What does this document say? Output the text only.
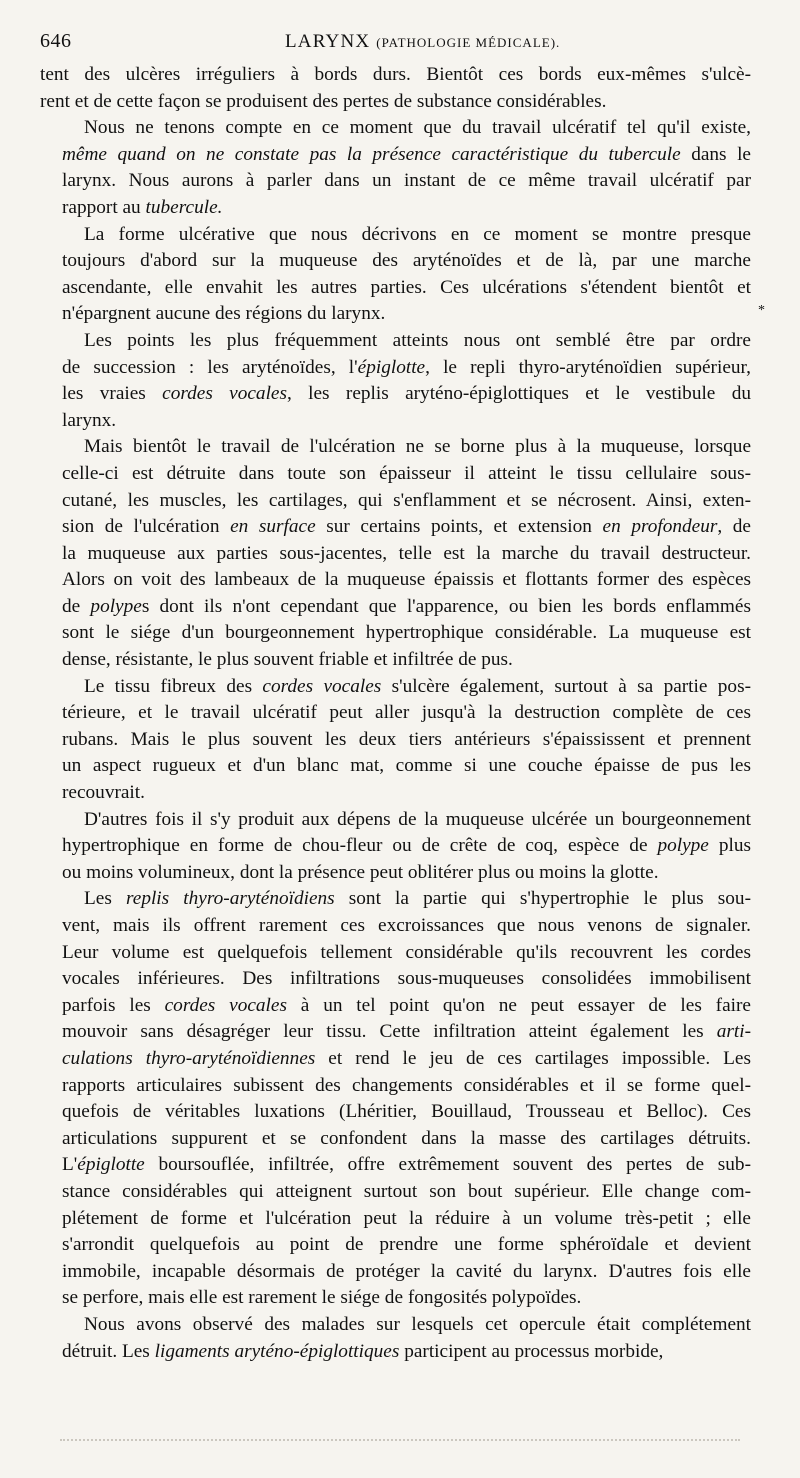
646	LARYNX (PATHOLOGIE MÉDICALE).
*

tent des ulcères irréguliers à bords durs. Bientôt ces bords eux-mêmes s'ulcè-
rent et de cette façon se produisent des pertes de substance considérables.

Nous ne tenons compte en ce moment que du travail ulcératif tel qu'il existe,
même quand on ne constate pas la présence caractéristique du tubercule dans le
larynx. Nous aurons à parler dans un instant de ce même travail ulcératif par
rapport au tubercule.

La forme ulcérative que nous décrivons en ce moment se montre presque
toujours d'abord sur la muqueuse des aryténoïdes et de là, par une marche
ascendante, elle envahit les autres parties. Ces ulcérations s'étendent bientôt et
n'épargnent aucune des régions du larynx.

Les points les plus fréquemment atteints nous ont semblé être par ordre
de succession : les aryténoïdes, l'épiglotte, le repli thyro-aryténoïdien supérieur,
les vraies cordes vocales, les replis aryténo-épiglottiques et le vestibule du
larynx.

Mais bientôt le travail de l'ulcération ne se borne plus à la muqueuse, lorsque
celle-ci est détruite dans toute son épaisseur il atteint le tissu cellulaire sous-
cutané, les muscles, les cartilages, qui s'enflamment et se nécrosent. Ainsi, exten-
sion de l'ulcération en surface sur certains points, et extension en profondeur, de
la muqueuse aux parties sous-jacentes, telle est la marche du travail destructeur.
Alors on voit des lambeaux de la muqueuse épaissis et flottants former des espèces
de polypes dont ils n'ont cependant que l'apparence, ou bien les bords enflammés
sont le siége d'un bourgeonnement hypertrophique considérable. La muqueuse est
dense, résistante, le plus souvent friable et infiltrée de pus.

Le tissu fibreux des cordes vocales s'ulcère également, surtout à sa partie pos-
térieure, et le travail ulcératif peut aller jusqu'à la destruction complète de ces
rubans. Mais le plus souvent les deux tiers antérieurs s'épaississent et prennent
un aspect rugueux et d'un blanc mat, comme si une couche épaisse de pus les
recouvrait.

D'autres fois il s'y produit aux dépens de la muqueuse ulcérée un bourgeonnement
hypertrophique en forme de chou-fleur ou de crête de coq, espèce de polype plus
ou moins volumineux, dont la présence peut oblitérer plus ou moins la glotte.

Les replis thyro-aryténoïdiens sont la partie qui s'hypertrophie le plus sou-
vent, mais ils offrent rarement ces excroissances que nous venons de signaler.
Leur volume est quelquefois tellement considérable qu'ils recouvrent les cordes
vocales inférieures. Des infiltrations sous-muqueuses consolidées immobilisent
parfois les cordes vocales à un tel point qu'on ne peut essayer de les faire
mouvoir sans désagréger leur tissu. Cette infiltration atteint également les arti-
culations thyro-aryténoïdiennes et rend le jeu de ces cartilages impossible. Les
rapports articulaires subissent des changements considérables et il se forme quel-
quefois de véritables luxations (Lhéritier, Bouillaud, Trousseau et Belloc). Ces
articulations suppurent et se confondent dans la masse des cartilages détruits.
L'épiglotte boursouflée, infiltrée, offre extrêmement souvent des pertes de sub-
stance considérables qui atteignent surtout son bout supérieur. Elle change com-
plétement de forme et l'ulcération peut la réduire à un volume très-petit ; elle
s'arrondit quelquefois au point de prendre une forme sphéroïdale et devient
immobile, incapable désormais de protéger la cavité du larynx. D'autres fois elle
se perfore, mais elle est rarement le siége de fongosités polypoïdes.

Nous avons observé des malades sur lesquels cet opercule était complétement
détruit. Les ligaments aryténo-épiglottiques participent au processus morbide,
